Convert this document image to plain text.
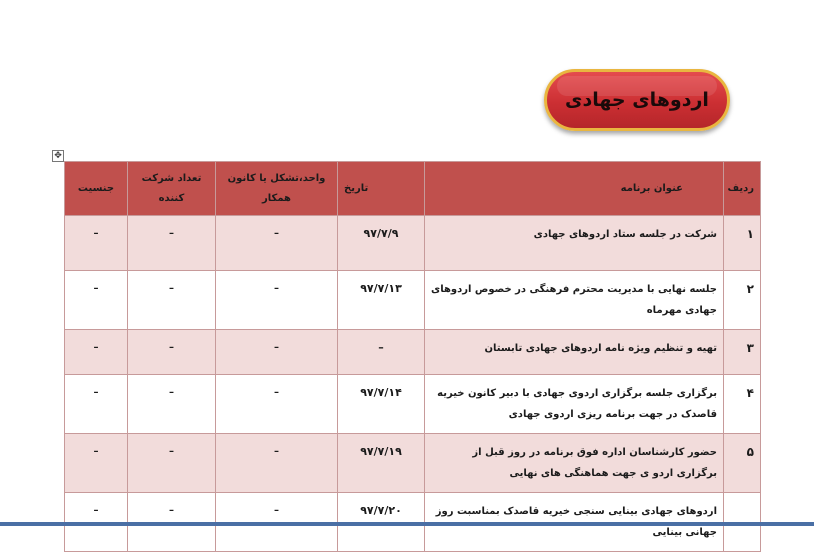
اردوهای جهادی
✥
ردیف	عنوان برنامه	تاریخ	واحد،تشکل یا کانون همکار	تعداد شرکت کننده	جنسیت
۱	شرکت در جلسه ستاد اردوهای جهادی	۹۷/۷/۹	–	–	–
۲	جلسه نهایی با مدیریت محترم فرهنگی در خصوص اردوهای جهادی مهرماه	۹۷/۷/۱۳	–	–	–
۳	تهیه و تنظیم ویژه نامه اردوهای جهادی تابستان	–	–	–	–
۴	برگزاری جلسه برگزاری اردوی جهادی با دبیر کانون خیریه قاصدک در جهت برنامه ریزی اردوی جهادی	۹۷/۷/۱۴	–	–	–
۵	حضور کارشناسان اداره فوق برنامه در روز قبل از برگزاری اردو ی جهت هماهنگی های نهایی	۹۷/۷/۱۹	–	–	–
	اردوهای جهادی بینایی سنجی خیریه قاصدک بمناسبت روز جهانی بینایی	۹۷/۷/۲۰	–	–	–
